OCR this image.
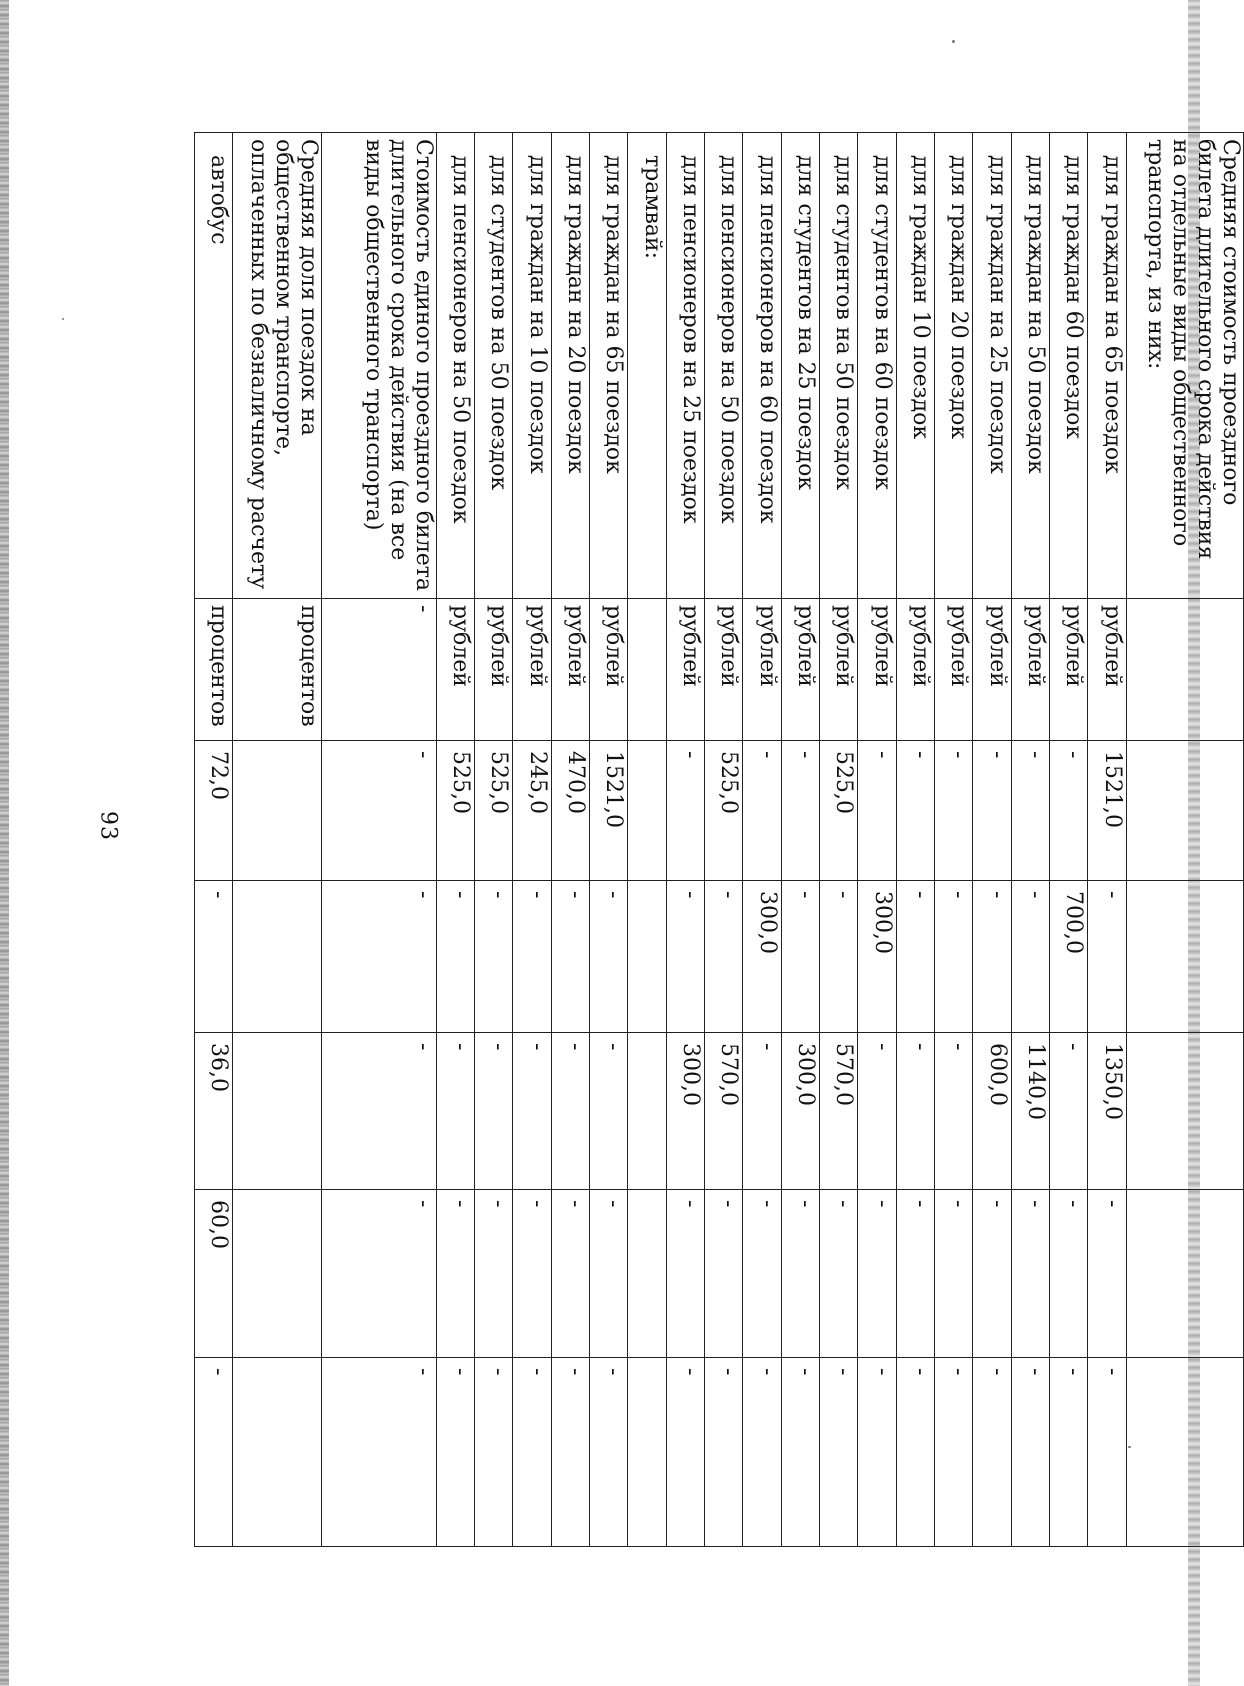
93
Средняя стоимость проездного билета длительного срока действия на отдельные виды общественного транспорта, из них:						
для граждан на 65 поездок	рублей	1521,0	-	1350,0	-	-
для граждан 60 поездок	рублей	-	700,0	-	-	-
для граждан на 50 поездок	рублей	-	-	1140,0	-	-
для граждан на 25 поездок	рублей	-	-	600,0	-	-
для граждан 20 поездок	рублей	-	-	-	-	-
для граждан 10 поездок	рублей	-	-	-	-	-
для студентов на 60 поездок	рублей	-	300,0	-	-	-
для студентов на 50 поездок	рублей	525,0	-	570,0	-	-
для студентов на 25 поездок	рублей	-	-	300,0	-	-
для пенсионеров на 60 поездок	рублей	-	300,0	-	-	-
для пенсионеров на 50 поездок	рублей	525,0	-	570,0	-	-
для пенсионеров на 25 поездок	рублей	-	-	300,0	-	-
трамвай:						
для граждан на 65 поездок	рублей	1521,0	-	-	-	-
для граждан на 20 поездок	рублей	470,0	-	-	-	-
для граждан на 10 поездок	рублей	245,0	-	-	-	-
для студентов на 50 поездок	рублей	525,0	-	-	-	-
для пенсионеров на 50 поездок	рублей	525,0	-	-	-	-
Стоимость единого проездного билета длительного срока действия (на все виды общественного транспорта)	-	-	-	-	-	-
Средняя доля поездок на общественном транспорте, оплаченных по безналичному расчету	процентов					
автобус	процентов	72,0	-	36,0	60,0	-
